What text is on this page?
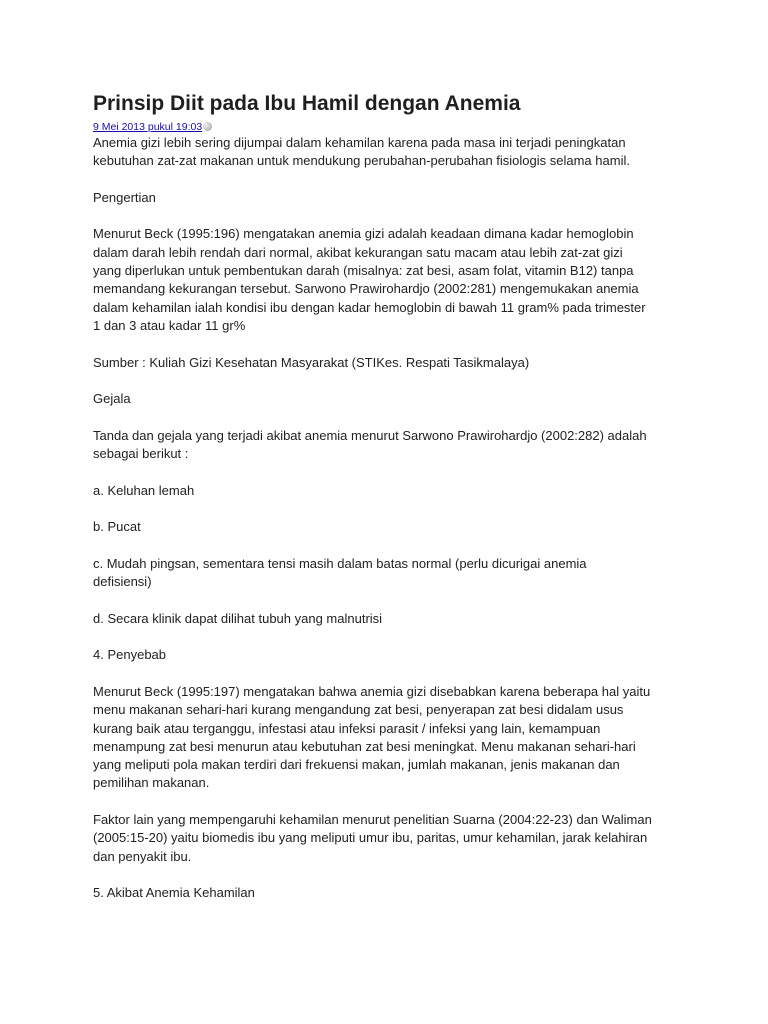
Prinsip Diit pada Ibu Hamil dengan Anemia
9 Mei 2013 pukul 19:03

Anemia gizi lebih sering dijumpai dalam kehamilan karena pada masa ini terjadi peningkatan
kebutuhan zat-zat makanan untuk mendukung perubahan-perubahan fisiologis selama hamil.

Pengertian

Menurut Beck (1995:196) mengatakan anemia gizi adalah keadaan dimana kadar hemoglobin
dalam darah lebih rendah dari normal, akibat kekurangan satu macam atau lebih zat-zat gizi
yang diperlukan untuk pembentukan darah (misalnya: zat besi, asam folat, vitamin B12) tanpa
memandang kekurangan tersebut. Sarwono Prawirohardjo (2002:281) mengemukakan anemia
dalam kehamilan ialah kondisi ibu dengan kadar hemoglobin di bawah 11 gram% pada trimester
1 dan 3 atau kadar 11 gr%

Sumber : Kuliah Gizi Kesehatan Masyarakat (STIKes. Respati Tasikmalaya)

Gejala

Tanda dan gejala yang terjadi akibat anemia menurut Sarwono Prawirohardjo (2002:282) adalah
sebagai berikut :

a. Keluhan lemah

b. Pucat

c. Mudah pingsan, sementara tensi masih dalam batas normal (perlu dicurigai anemia
defisiensi)

d. Secara klinik dapat dilihat tubuh yang malnutrisi

4. Penyebab

Menurut Beck (1995:197) mengatakan bahwa anemia gizi disebabkan karena beberapa hal yaitu
menu makanan sehari-hari kurang mengandung zat besi, penyerapan zat besi didalam usus
kurang baik atau terganggu, infestasi atau infeksi parasit / infeksi yang lain, kemampuan
menampung zat besi menurun atau kebutuhan zat besi meningkat. Menu makanan sehari-hari
yang meliputi pola makan terdiri dari frekuensi makan, jumlah makanan, jenis makanan dan
pemilihan makanan.

Faktor lain yang mempengaruhi kehamilan menurut penelitian Suarna (2004:22-23) dan Waliman
(2005:15-20) yaitu biomedis ibu yang meliputi umur ibu, paritas, umur kehamilan, jarak kelahiran
dan penyakit ibu.

5. Akibat Anemia Kehamilan
